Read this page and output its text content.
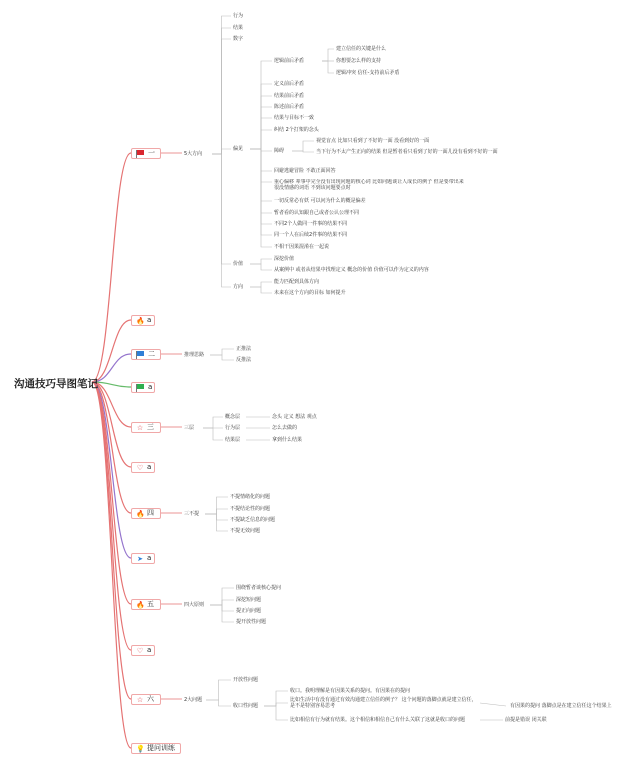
沟通技巧导图笔记
一
🔥 a
二
a
☆ 三
♡ a
🔥 四
➤ a
🔥 五
♡ a
☆ 六
💡 提问训练
5大方向
行为
结果
数字
偏见
逻辑前后矛盾
建立信任的关键是什么
你想要怎么样的支持
逻辑冲突 信任-支持前后矛盾
定义前后矛盾
结果前后矛盾
陈述前后矛盾
结果与目标不一致
纠结 2个打架的念头
障碍
视觉盲点 比如只看到了不好的一面 没看到好的一面
当下行为不太产生正向的结果 但是暂者看只看到了好的一面儿没有看到不好的一面
回避逃避冒险 不敢正面回答
重心偏移 辈事中完全没有出现问题的核心词 比如问题谈让人成长的例子 但是要带出来很没情感的词语 不到该问题要点时
一切反常必有妖 可以问为什么的概是偏差
暂者看的认知跟自己或者公认公理不同
不同2个人做同一件事的结果不同
同一个人在后续2件事的结果不同
不相干因果混淆在一起说
价值
深挖价值
从案例中 或者从结果中找理定义 概念的价值 价值可以作为定义的内容
方向
能力匹配到具体方向
未来在这个方向的目标 如何提升
推理思路
正推法
反推法
三层
概念层	念头 定义 想法 观点
行为层	怎么去做的
结果层	拿到什么结果
三不提
不提情绪化的问题
不提结论性的问题
不提缺乏信息的问题
不提无效问题
四大原则
围绕暂者谈核心提问
深挖短问题
提正向问题
提开放性问题
2大问题
开放性问题
收口性问题
收口。我明理解是有因果关系的提问。有因果在的提问
比如生活中有没有通过有效沟通建立信任的例子？ 这个问题的落脚点就是建立信任，是不是特别容易思考
比如相信有行为就有结果。这个相信和相信自己有什么关联了这就是收口的问题
有因果的提问 落脚点是在建立信任这个结果上
前提是错误 闭关联
